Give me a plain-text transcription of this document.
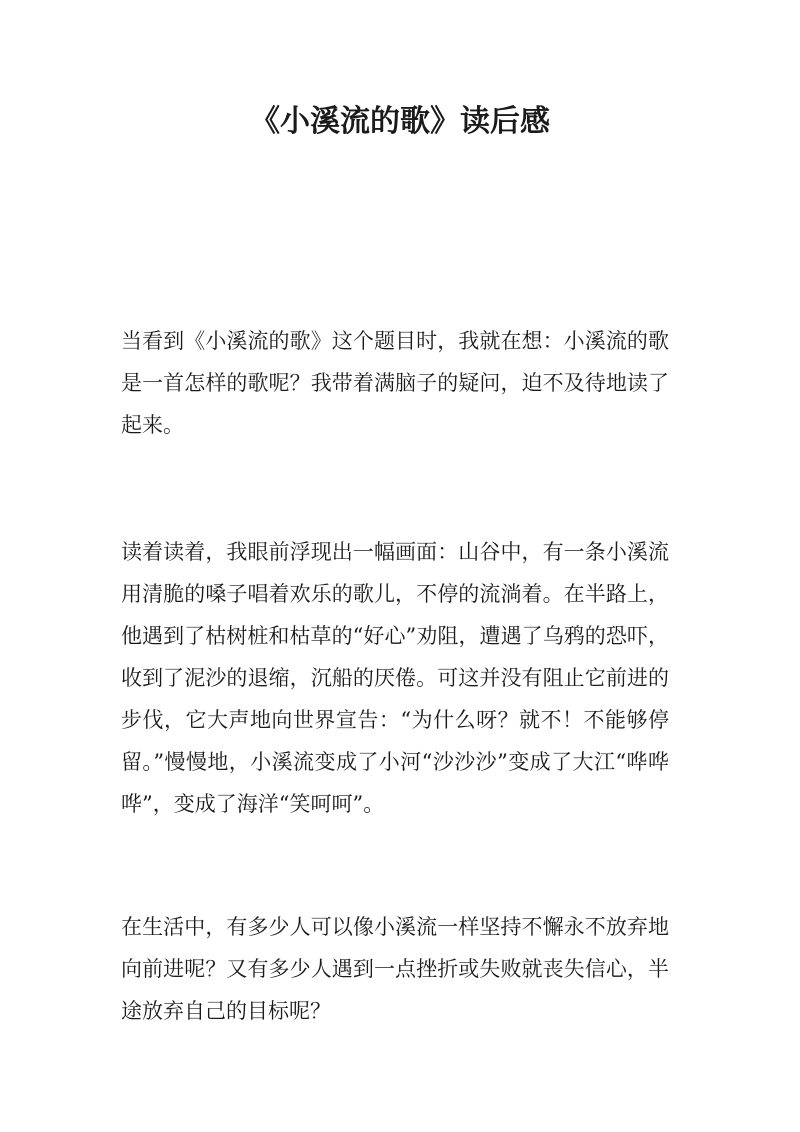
《小溪流的歌》读后感

当看到《小溪流的歌》这个题目时，我就在想：小溪流的歌是一首怎样的歌呢？我带着满脑子的疑问，迫不及待地读了起来。

读着读着，我眼前浮现出一幅画面：山谷中，有一条小溪流用清脆的嗓子唱着欢乐的歌儿，不停的流淌着。在半路上，他遇到了枯树桩和枯草的“好心”劝阻，遭遇了乌鸦的恐吓，收到了泥沙的退缩，沉船的厌倦。可这并没有阻止它前进的步伐，它大声地向世界宣告：“为什么呀？就不！不能够停留。”慢慢地，小溪流变成了小河“沙沙沙”变成了大江“哗哗哗”，变成了海洋“笑呵呵”。

在生活中，有多少人可以像小溪流一样坚持不懈永不放弃地向前进呢？又有多少人遇到一点挫折或失败就丧失信心，半途放弃自己的目标呢？
